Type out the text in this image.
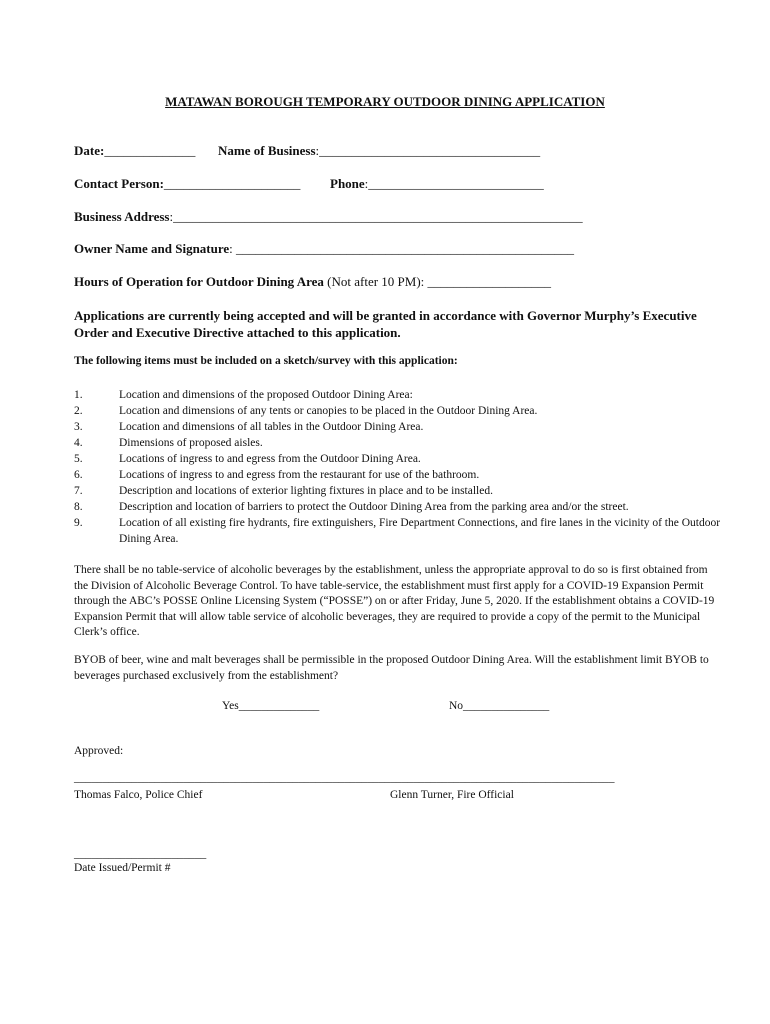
MATAWAN BOROUGH TEMPORARY OUTDOOR DINING APPLICATION
Date:______________ Name of Business:__________________________________
Contact Person:_____________________ Phone:___________________________
Business Address:_______________________________________________________________
Owner Name and Signature: ____________________________________________________
Hours of Operation for Outdoor Dining Area (Not after 10 PM): ___________________
Applications are currently being accepted and will be granted in accordance with Governor Murphy’s Executive Order and Executive Directive attached to this application.
The following items must be included on a sketch/survey with this application:
1.	Location and dimensions of the proposed Outdoor Dining Area:
2.	Location and dimensions of any tents or canopies to be placed in the Outdoor Dining Area.
3.	Location and dimensions of all tables in the Outdoor Dining Area.
4.	Dimensions of proposed aisles.
5.	Locations of ingress to and egress from the Outdoor Dining Area.
6.	Locations of ingress to and egress from the restaurant for use of the bathroom.
7.	Description and locations of exterior lighting fixtures in place and to be installed.
8.	Description and location of barriers to protect the Outdoor Dining Area from the parking area and/or the street.
9.	Location of all existing fire hydrants, fire extinguishers, Fire Department Connections, and fire lanes in the vicinity of the Outdoor Dining Area.
There shall be no table-service of alcoholic beverages by the establishment, unless the appropriate approval to do so is first obtained from the Division of Alcoholic Beverage Control. To have table-service, the establishment must first apply for a COVID-19 Expansion Permit through the ABC’s POSSE Online Licensing System (“POSSE”) on or after Friday, June 5, 2020. If the establishment obtains a COVID-19 Expansion Permit that will allow table service of alcoholic beverages, they are required to provide a copy of the permit to the Municipal Clerk’s office.
BYOB of beer, wine and malt beverages shall be permissible in the proposed Outdoor Dining Area. Will the establishment limit BYOB to beverages purchased exclusively from the establishment?
Yes______________	No_______________
Approved:
______________________________________________________________________________________________
Thomas Falco, Police Chief	Glenn Turner, Fire Official
_______________________
Date Issued/Permit #
